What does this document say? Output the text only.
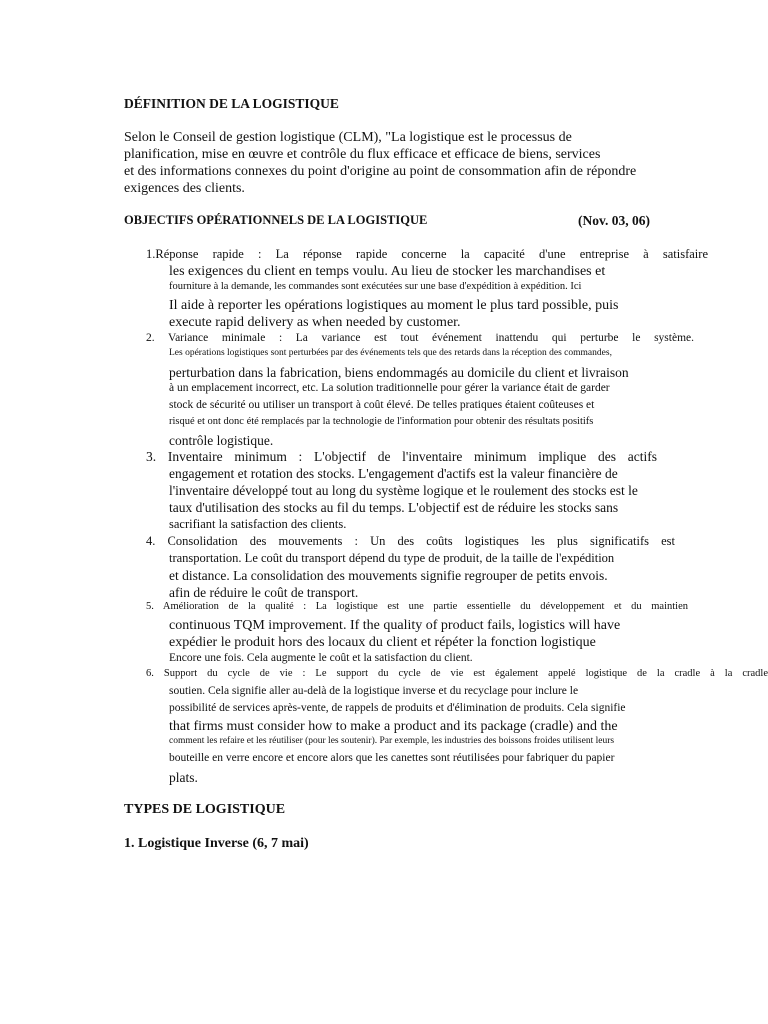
DÉFINITION DE LA LOGISTIQUE
Selon le Conseil de gestion logistique (CLM), "La logistique est le processus de
planification, mise en œuvre et contrôle du flux efficace et efficace de biens, services
et des informations connexes du point d'origine au point de consommation afin de répondre
exigences des clients.
OBJECTIFS OPÉRATIONNELS DE LA LOGISTIQUE	(Nov. 03, 06)
1.Réponse rapide : La réponse rapide concerne la capacité d'une entreprise à satisfaire
les exigences du client en temps voulu. Au lieu de stocker les marchandises et
fourniture à la demande, les commandes sont exécutées sur une base d'expédition à expédition. Ici
Il aide à reporter les opérations logistiques au moment le plus tard possible, puis
execute rapid delivery as when needed by customer.
2. Variance minimale : La variance est tout événement inattendu qui perturbe le système.
Les opérations logistiques sont perturbées par des événements tels que des retards dans la réception des commandes,
perturbation dans la fabrication, biens endommagés au domicile du client et livraison
à un emplacement incorrect, etc. La solution traditionnelle pour gérer la variance était de garder
stock de sécurité ou utiliser un transport à coût élevé. De telles pratiques étaient coûteuses et
risqué et ont donc été remplacés par la technologie de l'information pour obtenir des résultats positifs
contrôle logistique.
3. Inventaire minimum : L'objectif de l'inventaire minimum implique des actifs
engagement et rotation des stocks. L'engagement d'actifs est la valeur financière de
l'inventaire développé tout au long du système logique et le roulement des stocks est le
taux d'utilisation des stocks au fil du temps. L'objectif est de réduire les stocks sans
sacrifiant la satisfaction des clients.
4. Consolidation des mouvements : Un des coûts logistiques les plus significatifs est
transportation. Le coût du transport dépend du type de produit, de la taille de l'expédition
et distance. La consolidation des mouvements signifie regrouper de petits envois.
afin de réduire le coût de transport.
5. Amélioration de la qualité : La logistique est une partie essentielle du développement et du maintien
continuous TQM improvement. If the quality of product fails, logistics will have
expédier le produit hors des locaux du client et répéter la fonction logistique
Encore une fois. Cela augmente le coût et la satisfaction du client.
6. Support du cycle de vie : Le support du cycle de vie est également appelé logistique de la cradle à la cradle
soutien. Cela signifie aller au-delà de la logistique inverse et du recyclage pour inclure le
possibilité de services après-vente, de rappels de produits et d'élimination de produits. Cela signifie
that firms must consider how to make a product and its package (cradle) and the
comment les refaire et les réutiliser (pour les soutenir). Par exemple, les industries des boissons froides utilisent leurs
bouteille en verre encore et encore alors que les canettes sont réutilisées pour fabriquer du papier
plats.
TYPES DE LOGISTIQUE
1. Logistique Inverse (6, 7 mai)
